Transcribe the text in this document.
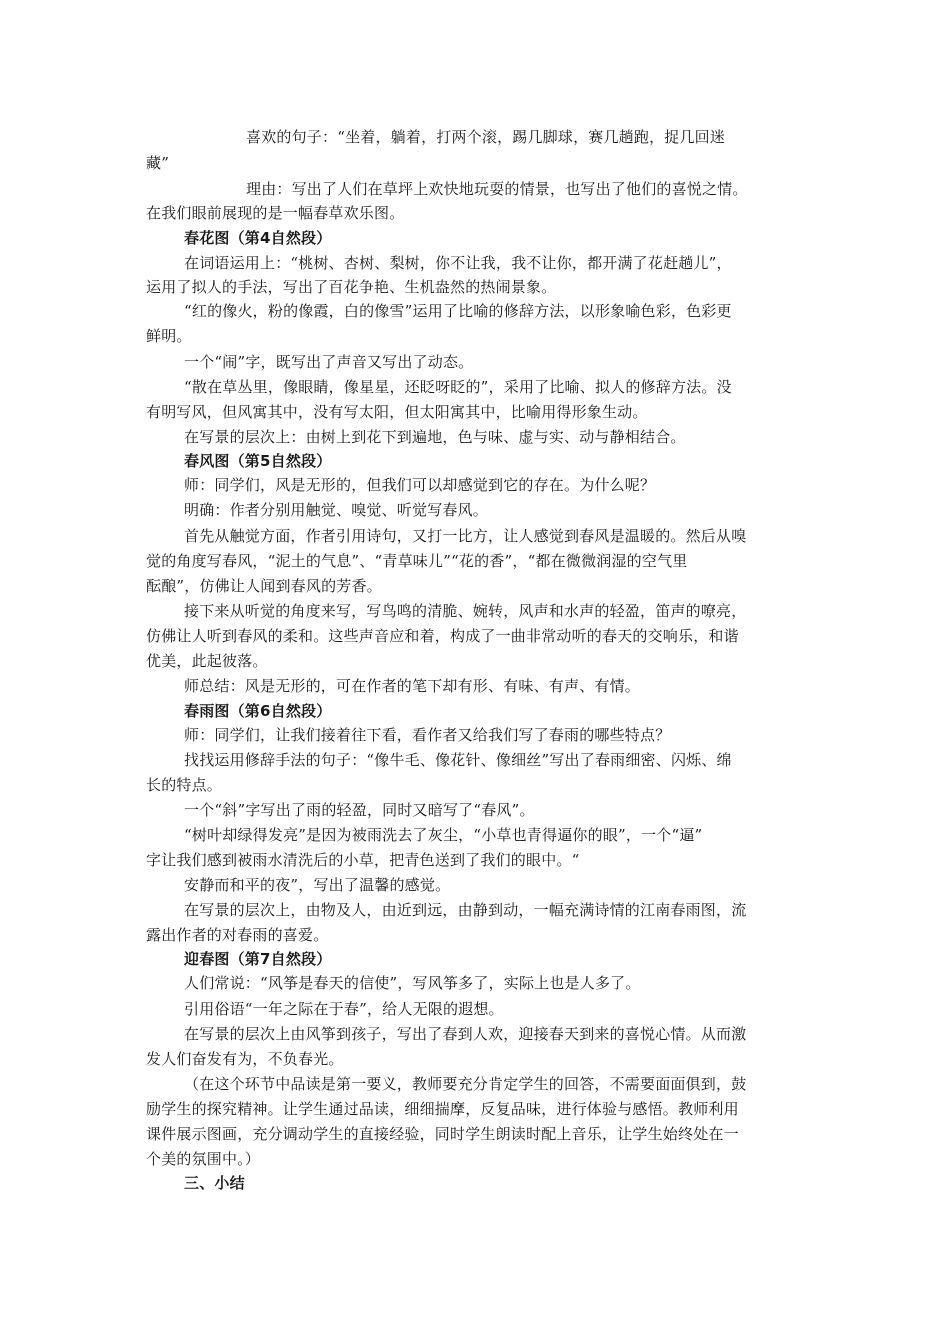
喜欢的句子：“坐着，躺着，打两个滚，踢几脚球，赛几趟跑，捉几回迷
藏”
理由：写出了人们在草坪上欢快地玩耍的情景，也写出了他们的喜悦之情。
在我们眼前展现的是一幅春草欢乐图。
春花图（第4自然段）
在词语运用上：“桃树、杏树、梨树，你不让我，我不让你，都开满了花赶趟儿”，
运用了拟人的手法，写出了百花争艳、生机盎然的热闹景象。
“红的像火，粉的像霞，白的像雪”运用了比喻的修辞方法，以形象喻色彩，色彩更
鲜明。
一个“闹”字，既写出了声音又写出了动态。
“散在草丛里，像眼睛，像星星，还眨呀眨的”，采用了比喻、拟人的修辞方法。没
有明写风，但风寓其中，没有写太阳，但太阳寓其中，比喻用得形象生动。
在写景的层次上：由树上到花下到遍地，色与味、虚与实、动与静相结合。
春风图（第5自然段）
师：同学们，风是无形的，但我们可以却感觉到它的存在。为什么呢？
明确：作者分别用触觉、嗅觉、听觉写春风。
首先从触觉方面，作者引用诗句，又打一比方，让人感觉到春风是温暖的。然后从嗅
觉的角度写春风，“泥土的气息”、“青草味儿”“花的香”，“都在微微润湿的空气里
酝酿”，仿佛让人闻到春风的芳香。
接下来从听觉的角度来写，写鸟鸣的清脆、婉转，风声和水声的轻盈，笛声的嘹亮，
仿佛让人听到春风的柔和。这些声音应和着，构成了一曲非常动听的春天的交响乐，和谐
优美，此起彼落。
师总结：风是无形的，可在作者的笔下却有形、有味、有声、有情。
春雨图（第6自然段）
师：同学们，让我们接着往下看，看作者又给我们写了春雨的哪些特点？
找找运用修辞手法的句子：“像牛毛、像花针、像细丝”写出了春雨细密、闪烁、绵
长的特点。
一个“斜”字写出了雨的轻盈，同时又暗写了“春风”。
“树叶却绿得发亮”是因为被雨洗去了灰尘，“小草也青得逼你的眼”，一个“逼”
字让我们感到被雨水清洗后的小草，把青色送到了我们的眼中。“
安静而和平的夜”，写出了温馨的感觉。
在写景的层次上，由物及人，由近到远，由静到动，一幅充满诗情的江南春雨图，流
露出作者的对春雨的喜爱。
迎春图（第7自然段）
人们常说：“风筝是春天的信使”，写风筝多了，实际上也是人多了。
引用俗语“一年之际在于春”，给人无限的遐想。
在写景的层次上由风筝到孩子，写出了春到人欢，迎接春天到来的喜悦心情。从而激
发人们奋发有为，不负春光。
（在这个环节中品读是第一要义，教师要充分肯定学生的回答，不需要面面俱到，鼓
励学生的探究精神。让学生通过品读，细细揣摩，反复品味，进行体验与感悟。教师利用
课件展示图画，充分调动学生的直接经验，同时学生朗读时配上音乐，让学生始终处在一
个美的氛围中。）
三、小结
